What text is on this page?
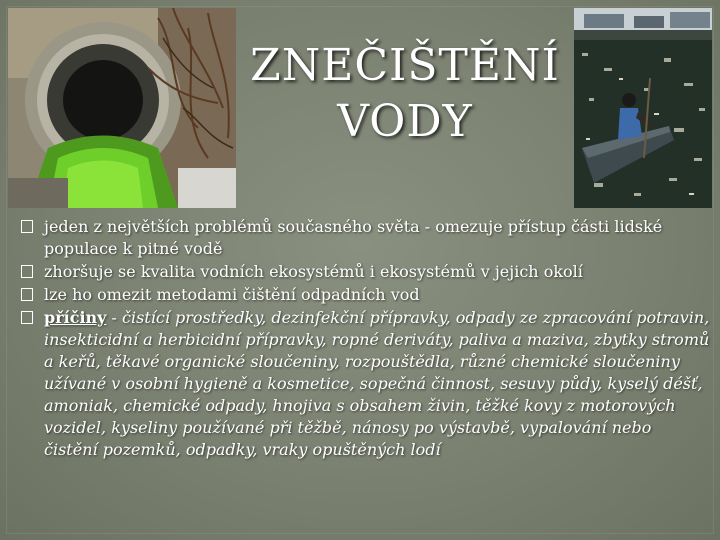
ZNEČIŠTĚNÍ
VODY
jeden z největších problémů současného světa - omezuje přístup části lidské populace k pitné vodě
zhoršuje se kvalita vodních ekosystémů i ekosystémů v jejich okolí
lze ho omezit metodami čištění odpadních vod
příčiny - čistící prostředky, dezinfekční přípravky, odpady ze zpracování potravin, insekticidní a herbicidní přípravky, ropné deriváty, paliva a maziva, zbytky stromů a keřů, těkavé organické sloučeniny, rozpouštědla, různé chemické sloučeniny užívané v osobní hygieně a kosmetice, sopečná činnost, sesuvy půdy, kyselý déšť, amoniak, chemické odpady, hnojiva s obsahem živin, těžké kovy z motorových vozidel, kyseliny používané při těžbě, nánosy po výstavbě, vypalování nebo čistění pozemků, odpadky, vraky opuštěných lodí
